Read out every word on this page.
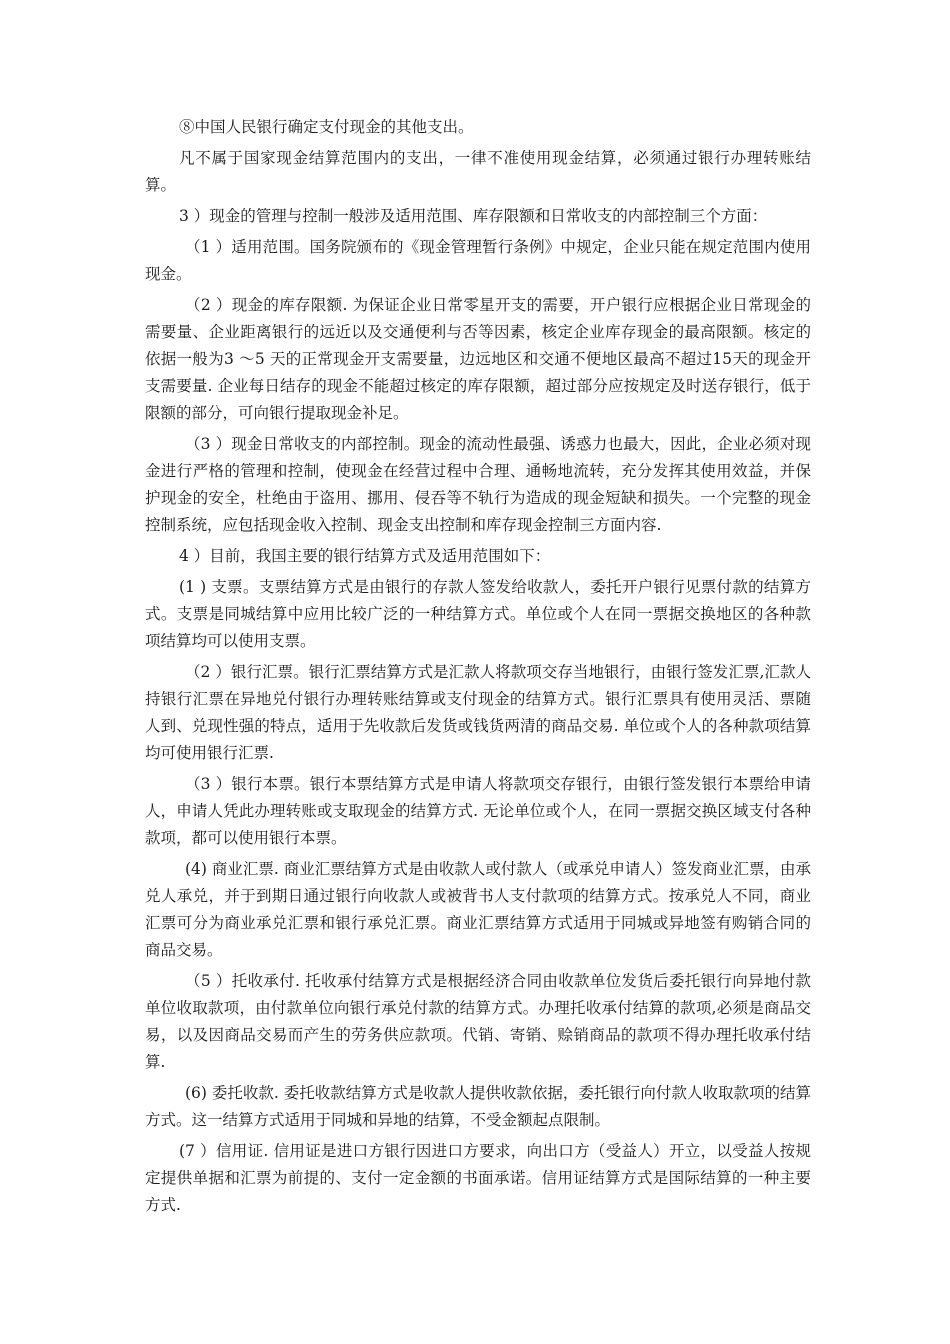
⑧中国人民银行确定支付现金的其他支出。

凡不属于国家现金结算范围内的支出，一律不准使用现金结算，必须通过银行办理转账结算。

3 ）现金的管理与控制一般涉及适用范围、库存限额和日常收支的内部控制三个方面：

（1 ）适用范围。国务院颁布的《现金管理暂行条例》中规定，企业只能在规定范围内使用现金。

（2 ）现金的库存限额. 为保证企业日常零星开支的需要，开户银行应根据企业日常现金的需要量、企业距离银行的远近以及交通便利与否等因素，核定企业库存现金的最高限额。核定的依据一般为3 ～5 天的正常现金开支需要量，边远地区和交通不便地区最高不超过15天的现金开支需要量. 企业每日结存的现金不能超过核定的库存限额，超过部分应按规定及时送存银行，低于限额的部分，可向银行提取现金补足。

（3 ）现金日常收支的内部控制。现金的流动性最强、诱惑力也最大，因此，企业必须对现金进行严格的管理和控制，使现金在经营过程中合理、通畅地流转，充分发挥其使用效益，并保护现金的安全，杜绝由于盗用、挪用、侵吞等不轨行为造成的现金短缺和损失。一个完整的现金控制系统，应包括现金收入控制、现金支出控制和库存现金控制三方面内容.

4 ）目前，我国主要的银行结算方式及适用范围如下：

(1 ) 支票。支票结算方式是由银行的存款人签发给收款人，委托开户银行见票付款的结算方式。支票是同城结算中应用比较广泛的一种结算方式。单位或个人在同一票据交换地区的各种款项结算均可以使用支票。

（2 ）银行汇票。银行汇票结算方式是汇款人将款项交存当地银行，由银行签发汇票,汇款人持银行汇票在异地兑付银行办理转账结算或支付现金的结算方式。银行汇票具有使用灵活、票随人到、兑现性强的特点，适用于先收款后发货或钱货两清的商品交易. 单位或个人的各种款项结算均可使用银行汇票.

（3 ）银行本票。银行本票结算方式是申请人将款项交存银行，由银行签发银行本票给申请人，申请人凭此办理转账或支取现金的结算方式. 无论单位或个人，在同一票据交换区域支付各种款项，都可以使用银行本票。

(4) 商业汇票. 商业汇票结算方式是由收款人或付款人（或承兑申请人）签发商业汇票，由承兑人承兑，并于到期日通过银行向收款人或被背书人支付款项的结算方式。按承兑人不同，商业汇票可分为商业承兑汇票和银行承兑汇票。商业汇票结算方式适用于同城或异地签有购销合同的商品交易。

（5 ）托收承付. 托收承付结算方式是根据经济合同由收款单位发货后委托银行向异地付款单位收取款项，由付款单位向银行承兑付款的结算方式。办理托收承付结算的款项,必须是商品交易，以及因商品交易而产生的劳务供应款项。代销、寄销、赊销商品的款项不得办理托收承付结算.

(6) 委托收款. 委托收款结算方式是收款人提供收款依据，委托银行向付款人收取款项的结算方式。这一结算方式适用于同城和异地的结算，不受金额起点限制。

(7 ）信用证. 信用证是进口方银行因进口方要求，向出口方（受益人）开立，以受益人按规定提供单据和汇票为前提的、支付一定金额的书面承诺。信用证结算方式是国际结算的一种主要方式.
